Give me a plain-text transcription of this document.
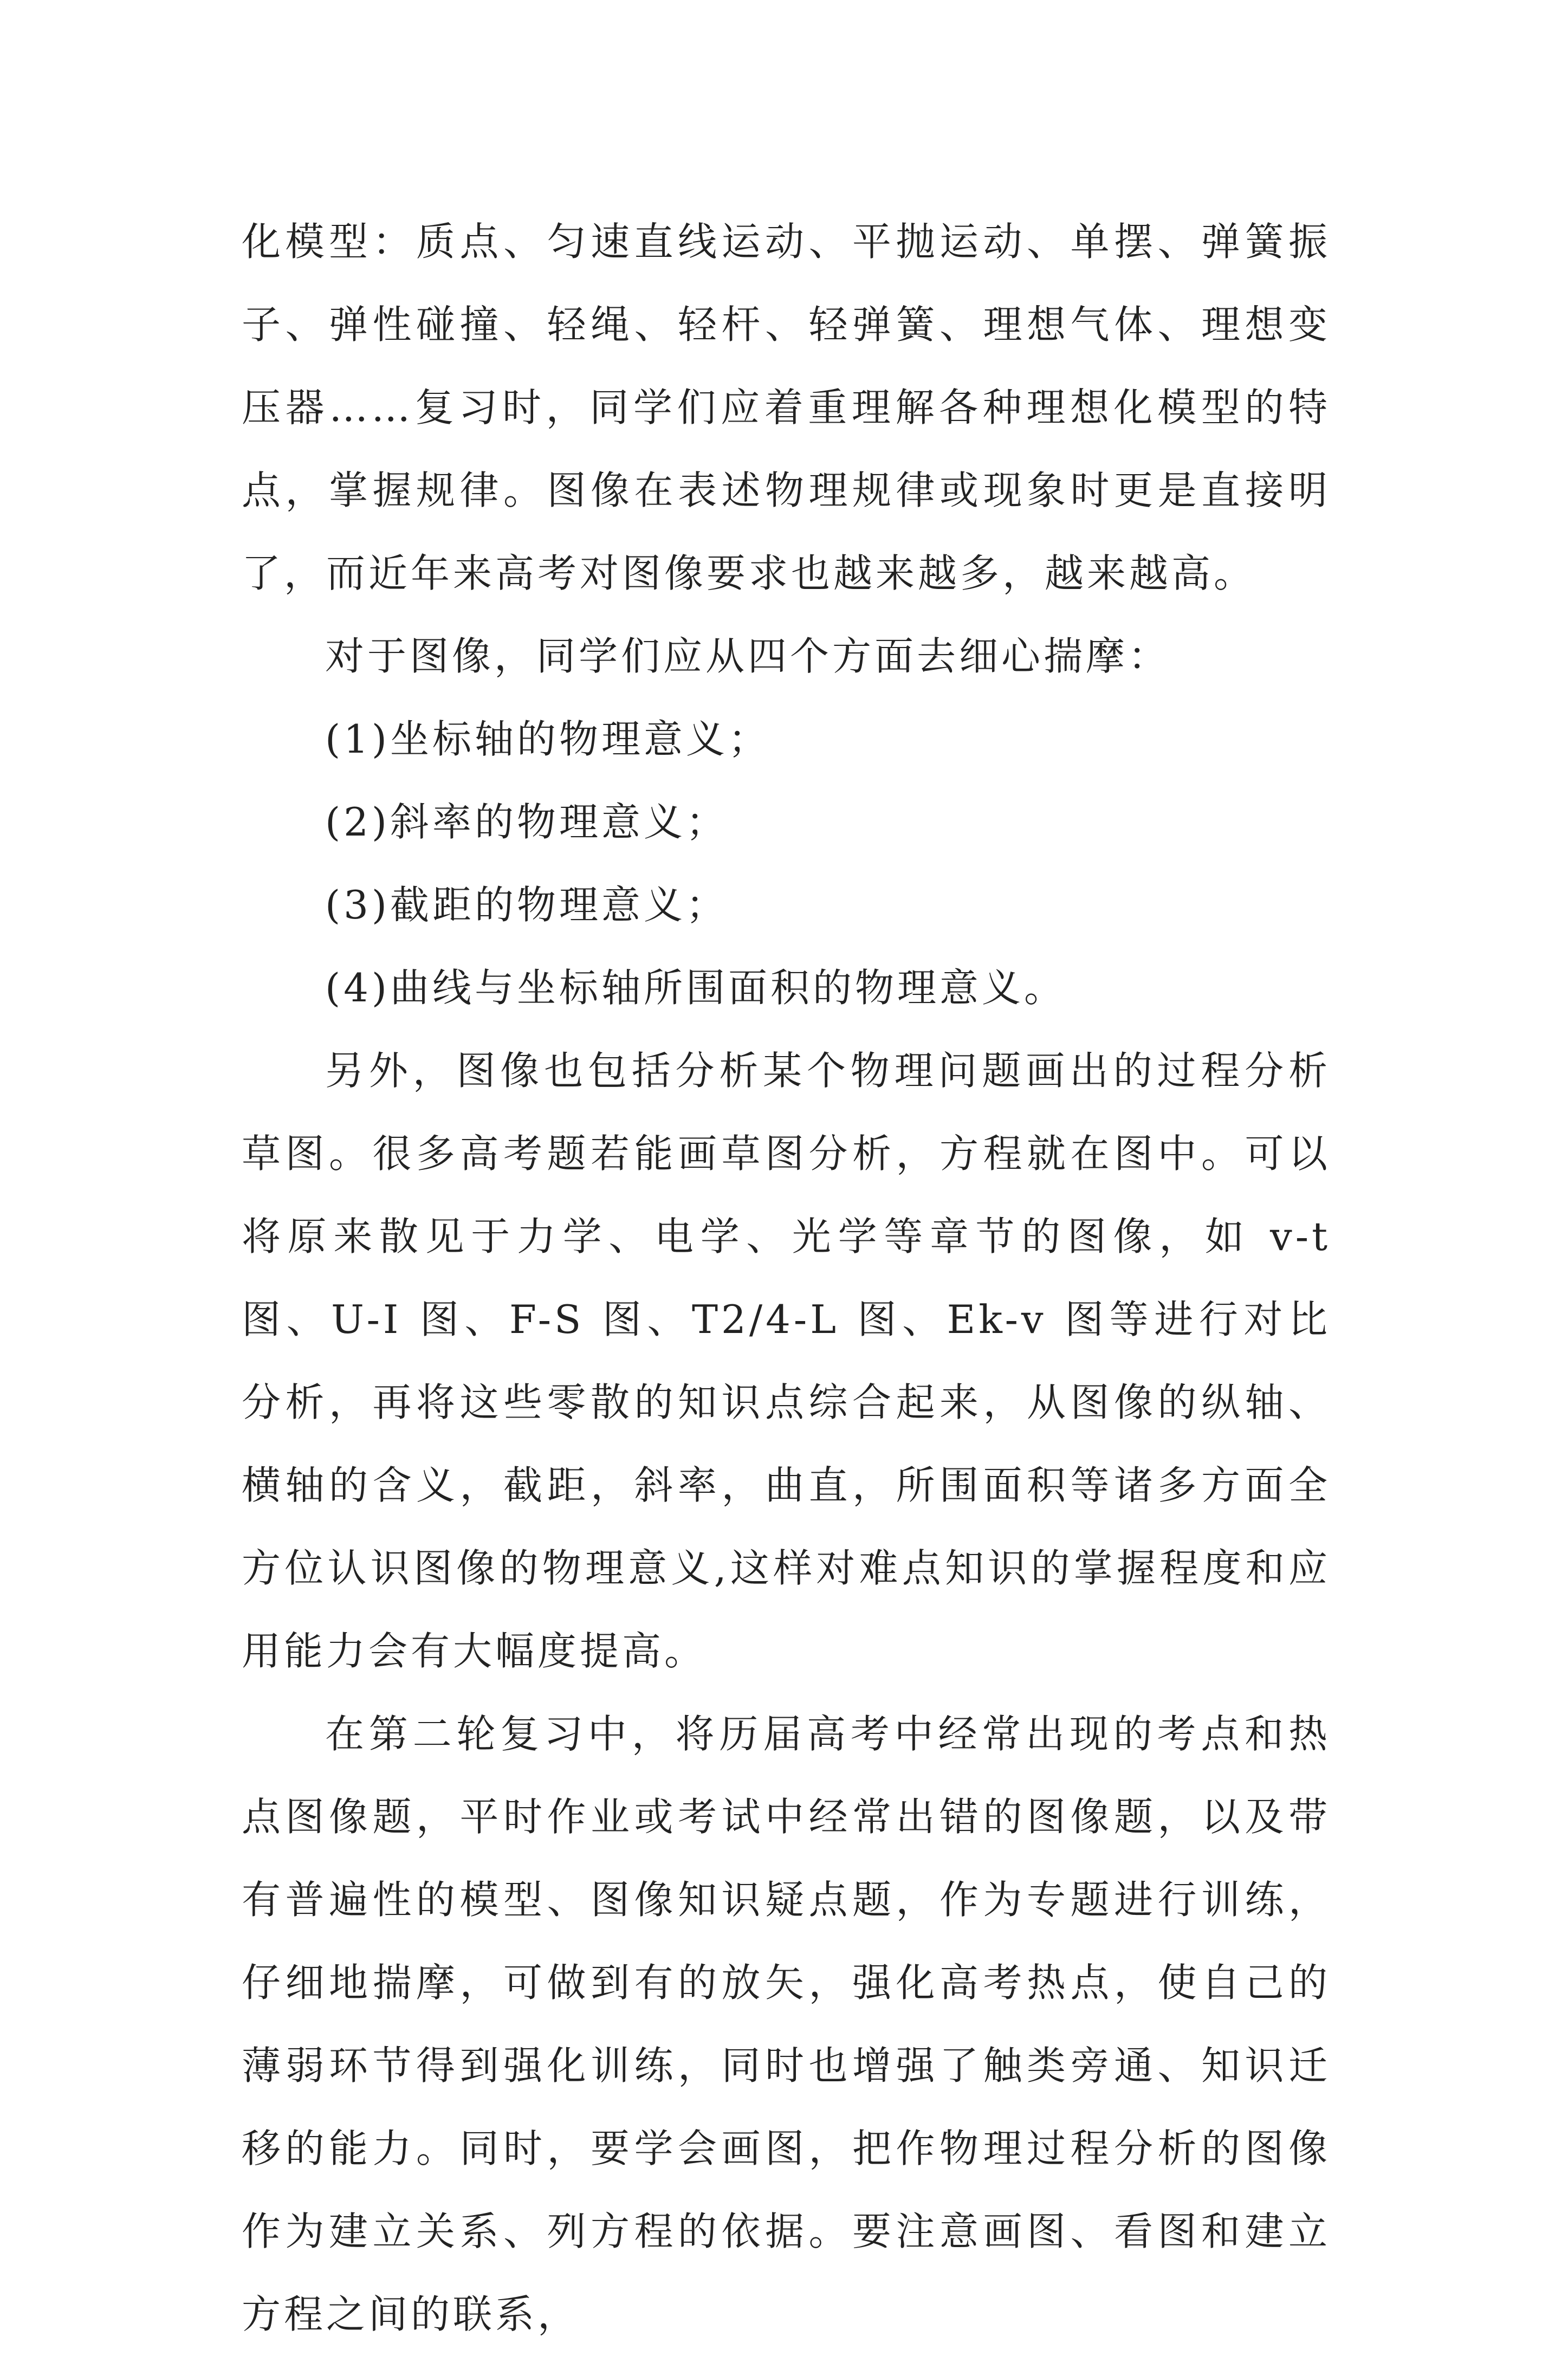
化模型：质点、匀速直线运动、平抛运动、单摆、弹簧振子、弹性碰撞、轻绳、轻杆、轻弹簧、理想气体、理想变压器……复习时，同学们应着重理解各种理想化模型的特点，掌握规律。图像在表述物理规律或现象时更是直接明了，而近年来高考对图像要求也越来越多，越来越高。

对于图像，同学们应从四个方面去细心揣摩：

(1)坐标轴的物理意义；

(2)斜率的物理意义；

(3)截距的物理意义；

(4)曲线与坐标轴所围面积的物理意义。

另外，图像也包括分析某个物理问题画出的过程分析草图。很多高考题若能画草图分析，方程就在图中。可以将原来散见于力学、电学、光学等章节的图像，如 v-t 图、U-I 图、F-S 图、T2/4-L 图、Ek-v 图等进行对比分析，再将这些零散的知识点综合起来，从图像的纵轴、横轴的含义，截距，斜率，曲直，所围面积等诸多方面全方位认识图像的物理意义,这样对难点知识的掌握程度和应用能力会有大幅度提高。

在第二轮复习中，将历届高考中经常出现的考点和热点图像题，平时作业或考试中经常出错的图像题，以及带有普遍性的模型、图像知识疑点题，作为专题进行训练，仔细地揣摩，可做到有的放矢，强化高考热点，使自己的薄弱环节得到强化训练，同时也增强了触类旁通、知识迁移的能力。同时，要学会画图，把作物理过程分析的图像作为建立关系、列方程的依据。要注意画图、看图和建立方程之间的联系，
